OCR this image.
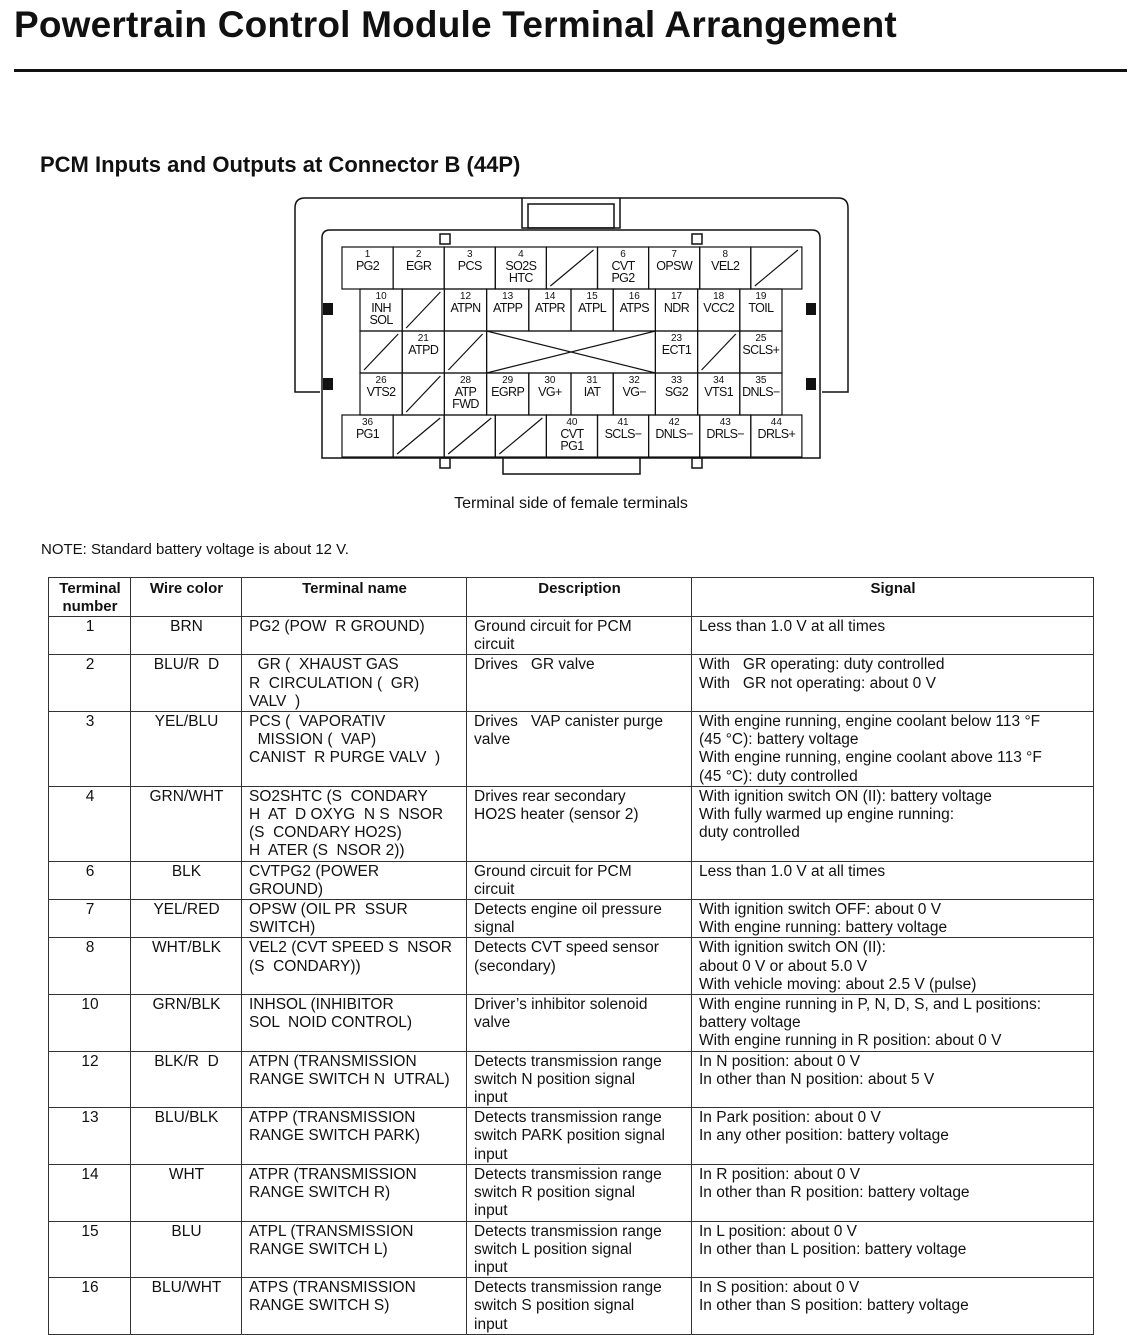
Powertrain Control Module Terminal Arrangement
PCM Inputs and Outputs at Connector B (44P)
1
PG2
2
EGR
3
PCS
4
SO2S
HTC
6
CVT
PG2
7
OPSW
8
VEL2
10
INH
SOL
12
ATPN
13
ATPP
14
ATPR
15
ATPL
16
ATPS
17
NDR
18
VCC2
19
TOIL
26
VTS2
28
ATP
FWD
29
EGRP
30
VG+
31
IAT
32
VG−
33
SG2
34
VTS1
35
DNLS−
21
ATPD
23
ECT1
25
SCLS+
36
PG1
40
CVT
PG1
41
SCLS−
42
DNLS−
43
DRLS−
44
DRLS+
Terminal side of female terminals
NOTE: Standard battery voltage is about 12 V.
Terminal
number	Wire color	Terminal name	Description	Signal

1	BRN	PG2 (POW  R GROUND)	Ground circuit for PCM
circuit	Less than 1.0 V at all times

2	BLU/R  D	GR (  XHAUST GAS
R  CIRCULATION (  GR)
VALV  )	Drives   GR valve	With   GR operating: duty controlled
With   GR not operating: about 0 V

3	YEL/BLU	PCS (  VAPORATIV
MISSION (  VAP)
CANIST  R PURGE VALV  )	Drives   VAP canister purge
valve	With engine running, engine coolant below 113 °F
(45 °C): battery voltage
With engine running, engine coolant above 113 °F
(45 °C): duty controlled

4	GRN/WHT	SO2SHTC (S  CONDARY
H  AT  D OXYG  N S  NSOR
(S  CONDARY HO2S)
H  ATER (S  NSOR 2))	Drives rear secondary
HO2S heater (sensor 2)	With ignition switch ON (II): battery voltage
With fully warmed up engine running:
duty controlled

6	BLK	CVTPG2 (POWER
GROUND)	Ground circuit for PCM
circuit	Less than 1.0 V at all times

7	YEL/RED	OPSW (OIL PR  SSUR
SWITCH)	Detects engine oil pressure
signal	With ignition switch OFF: about 0 V
With engine running: battery voltage

8	WHT/BLK	VEL2 (CVT SPEED S  NSOR
(S  CONDARY))	Detects CVT speed sensor
(secondary)	With ignition switch ON (II):
about 0 V or about 5.0 V
With vehicle moving: about 2.5 V (pulse)

10	GRN/BLK	INHSOL (INHIBITOR
SOL  NOID CONTROL)	Driver’s inhibitor solenoid
valve	With engine running in P, N, D, S, and L positions:
battery voltage
With engine running in R position: about 0 V

12	BLK/R  D	ATPN (TRANSMISSION
RANGE SWITCH N  UTRAL)	Detects transmission range
switch N position signal
input	In N position: about 0 V
In other than N position: about 5 V

13	BLU/BLK	ATPP (TRANSMISSION
RANGE SWITCH PARK)	Detects transmission range
switch PARK position signal
input	In Park position: about 0 V
In any other position: battery voltage

14	WHT	ATPR (TRANSMISSION
RANGE SWITCH R)	Detects transmission range
switch R position signal
input	In R position: about 0 V
In other than R position: battery voltage

15	BLU	ATPL (TRANSMISSION
RANGE SWITCH L)	Detects transmission range
switch L position signal
input	In L position: about 0 V
In other than L position: battery voltage

16	BLU/WHT	ATPS (TRANSMISSION
RANGE SWITCH S)	Detects transmission range
switch S position signal
input	In S position: about 0 V
In other than S position: battery voltage
